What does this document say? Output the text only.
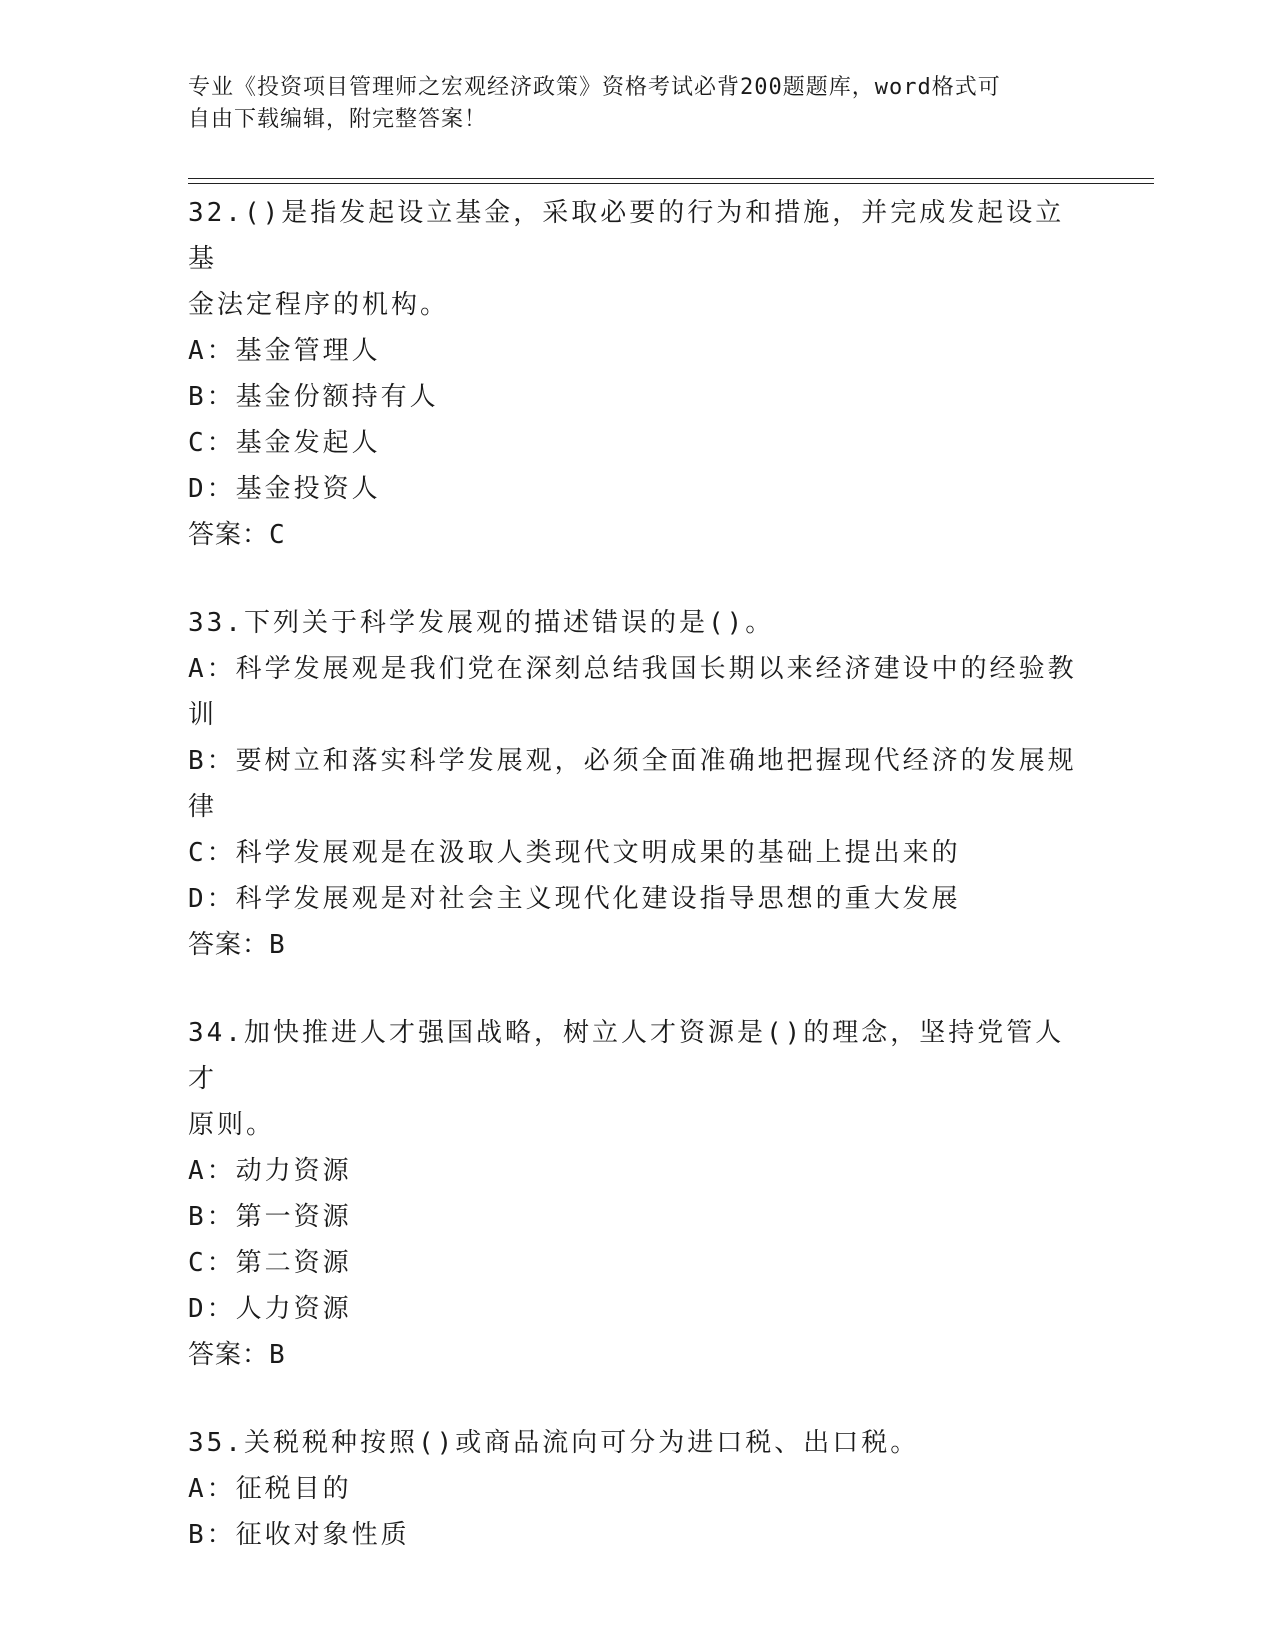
专业《投资项目管理师之宏观经济政策》资格考试必背200题题库，word格式可
自由下载编辑，附完整答案！

32.()是指发起设立基金，采取必要的行为和措施，并完成发起设立基

金法定程序的机构。

A：基金管理人

B：基金份额持有人

C：基金发起人

D：基金投资人

答案：C

33.下列关于科学发展观的描述错误的是()。

A：科学发展观是我们党在深刻总结我国长期以来经济建设中的经验教

训

B：要树立和落实科学发展观，必须全面准确地把握现代经济的发展规

律

C：科学发展观是在汲取人类现代文明成果的基础上提出来的

D：科学发展观是对社会主义现代化建设指导思想的重大发展

答案：B

34.加快推进人才强国战略，树立人才资源是()的理念，坚持党管人才

原则。

A：动力资源

B：第一资源

C：第二资源

D：人力资源

答案：B

35.关税税种按照()或商品流向可分为进口税、出口税。

A：征税目的

B：征收对象性质
